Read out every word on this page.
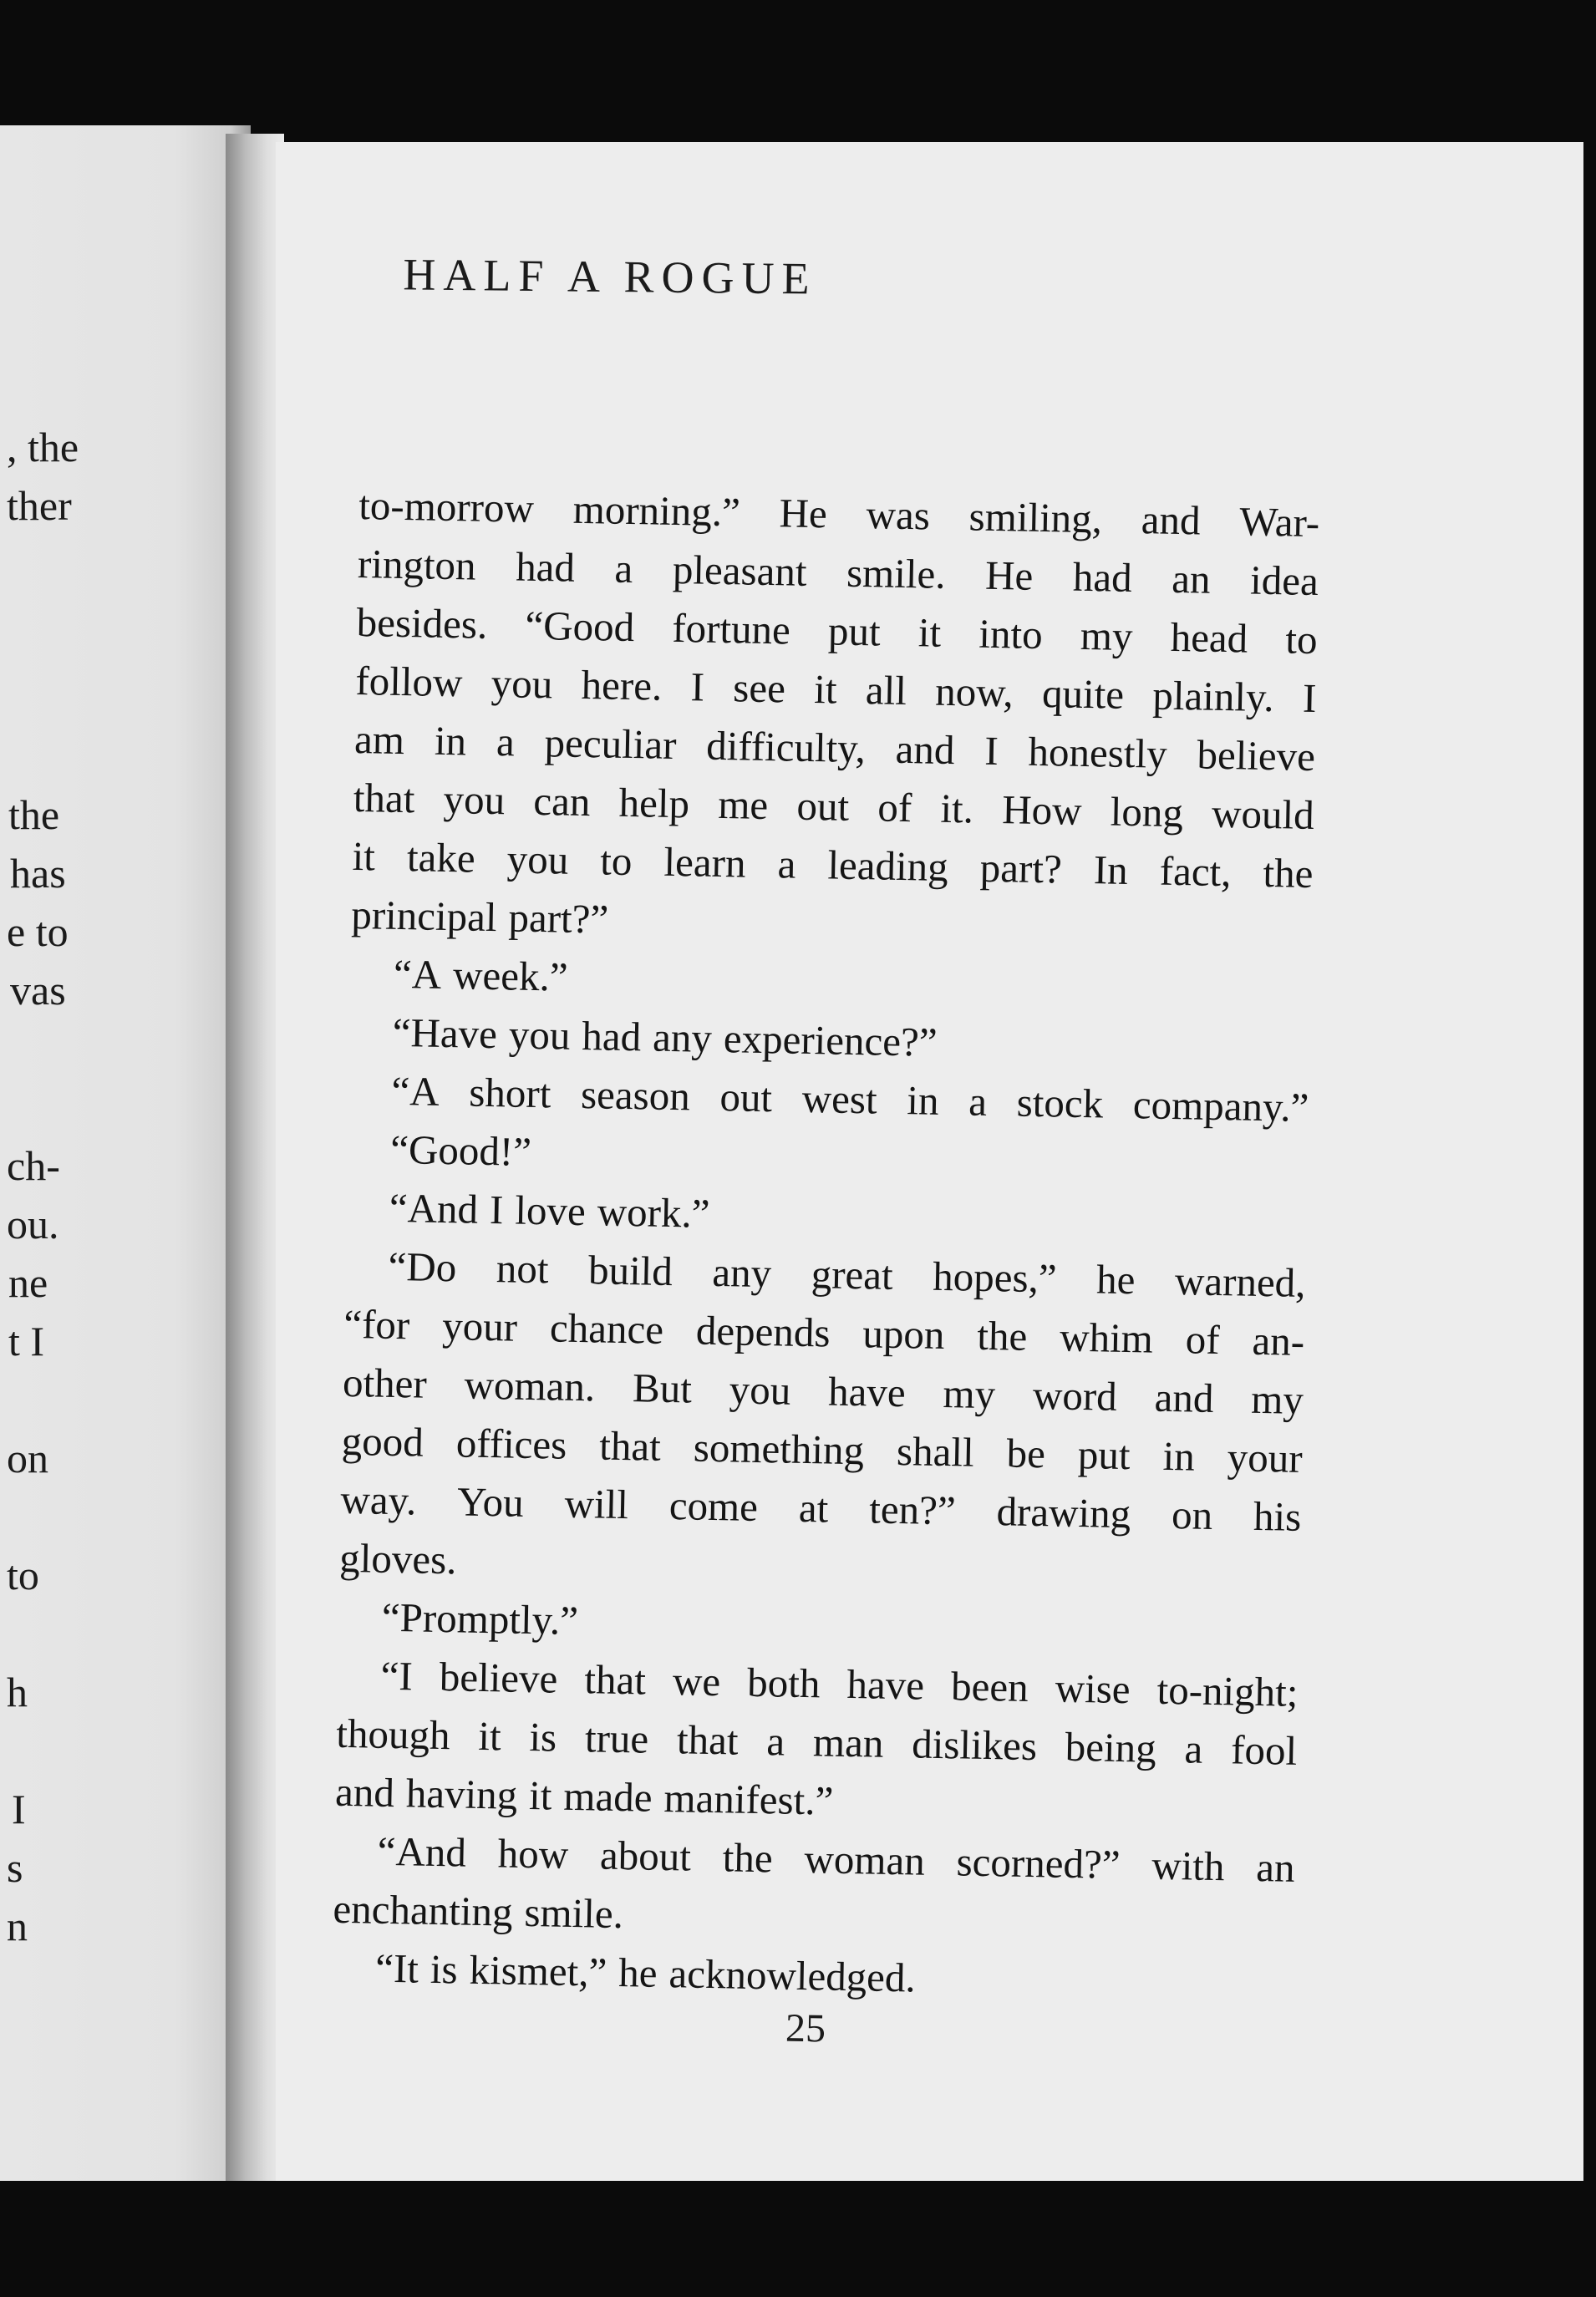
, the
ther
the
has
e to
vas
ch-
ou.
ne
t I
on
to
h
I
s
n
HALF A ROGUE
to-morrow morning.” He was smiling, and War-
rington had a pleasant smile. He had an idea
besides. “Good fortune put it into my head to
follow you here. I see it all now, quite plainly. I
am in a peculiar difficulty, and I honestly believe
that you can help me out of it. How long would
it take you to learn a leading part? In fact, the
principal part?”
“A week.”
“Have you had any experience?”
“A short season out west in a stock company.”
“Good!”
“And I love work.”
“Do not build any great hopes,” he warned,
“for your chance depends upon the whim of an-
other woman. But you have my word and my
good offices that something shall be put in your
way. You will come at ten?” drawing on his
gloves.
“Promptly.”
“I believe that we both have been wise to-night;
though it is true that a man dislikes being a fool
and having it made manifest.”
“And how about the woman scorned?” with an
enchanting smile.
“It is kismet,” he acknowledged.
25
